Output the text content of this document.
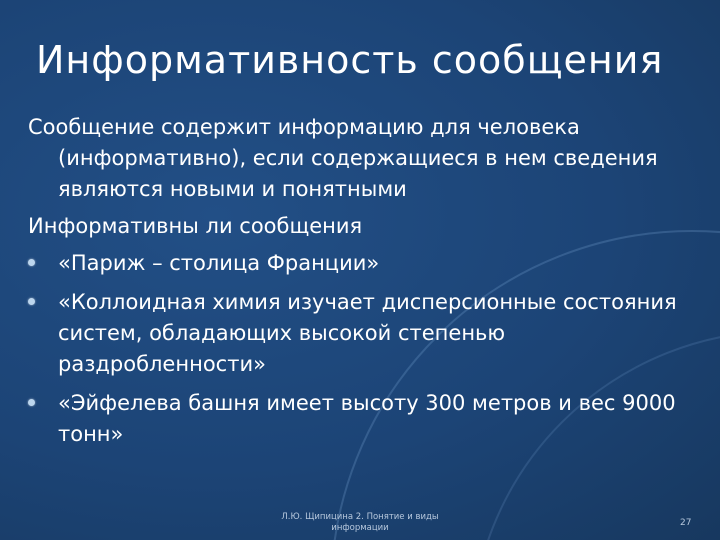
Информативность сообщения

Сообщение содержит информацию для человека (информативно), если содержащиеся в нем сведения являются новыми и понятными

Информативны ли сообщения

«Париж – столица Франции»
«Коллоидная химия изучает дисперсионные состояния систем, обладающих высокой степенью раздробленности»
«Эйфелева башня имеет высоту 300 метров и вес 9000 тонн»
Л.Ю. Щипицина 2. Понятие и виды
информации	27
